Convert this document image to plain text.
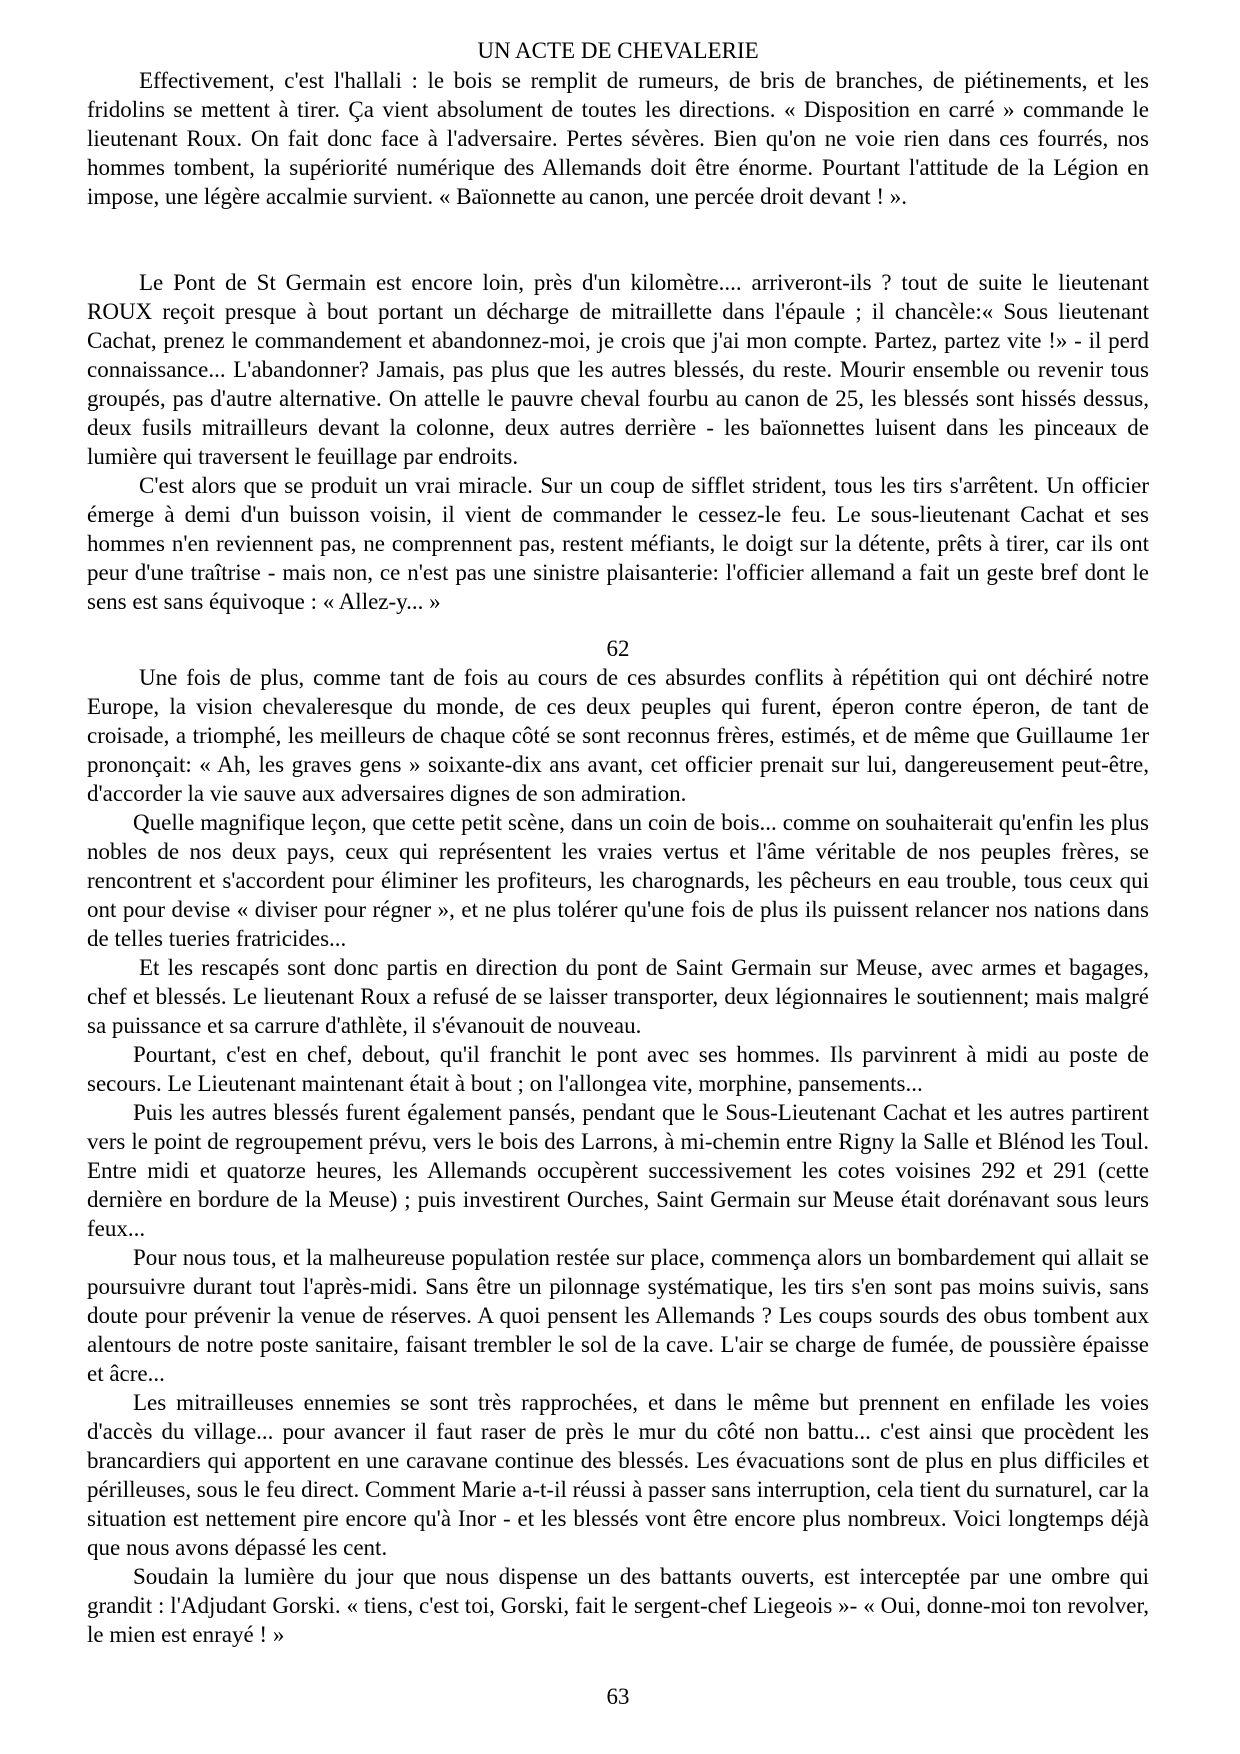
UN ACTE DE CHEVALERIE

Effectivement, c'est l'hallali : le bois se remplit de rumeurs, de bris de branches, de piétinements, et les fridolins se mettent à tirer. Ça vient absolument de toutes les directions. « Disposition en carré » commande le lieutenant Roux. On fait donc face à l'adversaire. Pertes sévères. Bien qu'on ne voie rien dans ces fourrés, nos hommes tombent, la supériorité numérique des Allemands doit être énorme. Pourtant l'attitude de la Légion en impose, une légère accalmie survient. « Baïonnette au canon, une percée droit devant ! ».

Le Pont de St Germain est encore loin, près d'un kilomètre.... arriveront-ils ? tout de suite le lieutenant ROUX reçoit presque à bout portant un décharge de mitraillette dans l'épaule ; il chancèle:« Sous lieutenant Cachat, prenez le commandement et abandonnez-moi, je crois que j'ai mon compte. Partez, partez vite !» - il perd connaissance... L'abandonner? Jamais, pas plus que les autres blessés, du reste. Mourir ensemble ou revenir tous groupés, pas d'autre alternative. On attelle le pauvre cheval fourbu au canon de 25, les blessés sont hissés dessus, deux fusils mitrailleurs devant la colonne, deux autres derrière - les baïonnettes luisent dans les pinceaux de lumière qui traversent le feuillage par endroits.

C'est alors que se produit un vrai miracle. Sur un coup de sifflet strident, tous les tirs s'arrêtent. Un officier émerge à demi d'un buisson voisin, il vient de commander le cessez-le feu. Le sous-lieutenant Cachat et ses hommes n'en reviennent pas, ne comprennent pas, restent méfiants, le doigt sur la détente, prêts à tirer, car ils ont peur d'une traîtrise - mais non, ce n'est pas une sinistre plaisanterie: l'officier allemand a fait un geste bref dont le sens est sans équivoque : « Allez-y... »

62

Une fois de plus, comme tant de fois au cours de ces absurdes conflits à répétition qui ont déchiré notre Europe, la vision chevaleresque du monde, de ces deux peuples qui furent, éperon contre éperon, de tant de croisade, a triomphé, les meilleurs de chaque côté se sont reconnus frères, estimés, et de même que Guillaume 1er prononçait: « Ah, les graves gens » soixante-dix ans avant, cet officier prenait sur lui, dangereusement peut-être, d'accorder la vie sauve aux adversaires dignes de son admiration.

Quelle magnifique leçon, que cette petit scène, dans un coin de bois... comme on souhaiterait qu'enfin les plus nobles de nos deux pays, ceux qui représentent les vraies vertus et l'âme véritable de nos peuples frères, se rencontrent et s'accordent pour éliminer les profiteurs, les charognards, les pêcheurs en eau trouble, tous ceux qui ont pour devise « diviser pour régner », et ne plus tolérer qu'une fois de plus ils puissent relancer nos nations dans de telles tueries fratricides...

Et les rescapés sont donc partis en direction du pont de Saint Germain sur Meuse, avec armes et bagages, chef et blessés. Le lieutenant Roux a refusé de se laisser transporter, deux légionnaires le soutiennent; mais malgré sa puissance et sa carrure d'athlète, il s'évanouit de nouveau.

Pourtant, c'est en chef, debout, qu'il franchit le pont avec ses hommes. Ils parvinrent à midi au poste de secours. Le Lieutenant maintenant était à bout ; on l'allongea vite, morphine, pansements...

Puis les autres blessés furent également pansés, pendant que le Sous-Lieutenant Cachat et les autres partirent vers le point de regroupement prévu, vers le bois des Larrons, à mi-chemin entre Rigny la Salle et Blénod les Toul. Entre midi et quatorze heures, les Allemands occupèrent successivement les cotes voisines 292 et 291 (cette dernière en bordure de la Meuse) ; puis investirent Ourches, Saint Germain sur Meuse était dorénavant sous leurs feux...

Pour nous tous, et la malheureuse population restée sur place, commença alors un bombardement qui allait se poursuivre durant tout l'après-midi. Sans être un pilonnage systématique, les tirs s'en sont pas moins suivis, sans doute pour prévenir la venue de réserves. A quoi pensent les Allemands ? Les coups sourds des obus tombent aux alentours de notre poste sanitaire, faisant trembler le sol de la cave. L'air se charge de fumée, de poussière épaisse et âcre...

Les mitrailleuses ennemies se sont très rapprochées, et dans le même but prennent en enfilade les voies d'accès du village... pour avancer il faut raser de près le mur du côté non battu... c'est ainsi que procèdent les brancardiers qui apportent en une caravane continue des blessés. Les évacuations sont de plus en plus difficiles et périlleuses, sous le feu direct. Comment Marie a-t-il réussi à passer sans interruption, cela tient du surnaturel, car la situation est nettement pire encore qu'à Inor - et les blessés vont être encore plus nombreux. Voici longtemps déjà que nous avons dépassé les cent.

Soudain la lumière du jour que nous dispense un des battants ouverts, est interceptée par une ombre qui grandit : l'Adjudant Gorski. « tiens, c'est toi, Gorski, fait le sergent-chef Liegeois »- « Oui, donne-moi ton revolver, le mien est enrayé ! »

63
